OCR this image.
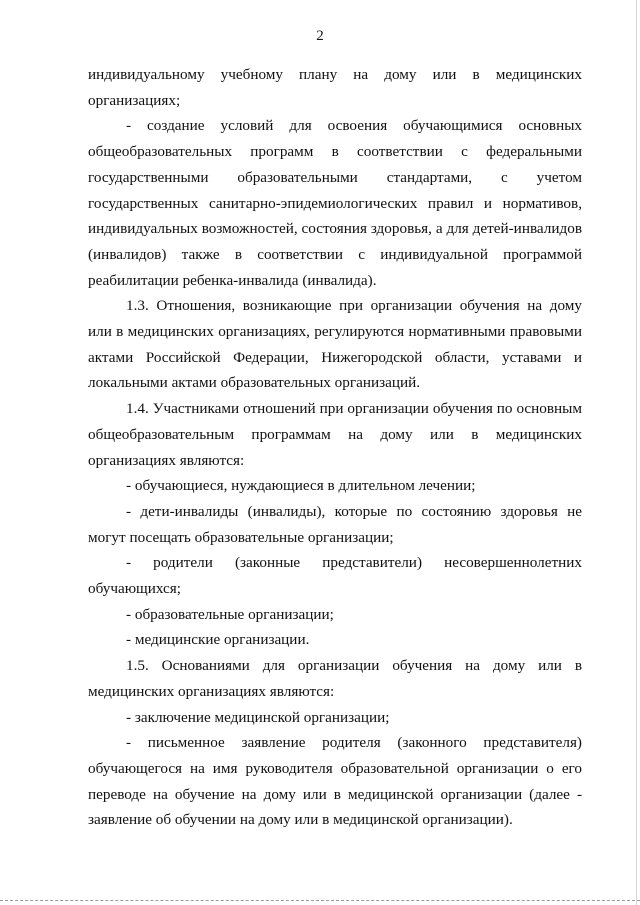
2

индивидуальному учебному плану на дому или в медицинских организациях;

- создание условий для освоения обучающимися основных общеобразовательных программ в соответствии с федеральными государственными образовательными стандартами, с учетом государственных санитарно-эпидемиологических правил и нормативов, индивидуальных возможностей, состояния здоровья, а для детей-инвалидов (инвалидов) также в соответствии с индивидуальной программой реабилитации ребенка-инвалида (инвалида).

1.3. Отношения, возникающие при организации обучения на дому или в медицинских организациях, регулируются нормативными правовыми актами Российской Федерации, Нижегородской области, уставами и локальными актами образовательных организаций.

1.4. Участниками отношений при организации обучения по основным общеобразовательным программам на дому или в медицинских организациях являются:

- обучающиеся, нуждающиеся в длительном лечении;

- дети-инвалиды (инвалиды), которые по состоянию здоровья не могут посещать образовательные организации;

- родители (законные представители) несовершеннолетних обучающихся;

- образовательные организации;

- медицинские организации.

1.5. Основаниями для организации обучения на дому или в медицинских организациях являются:

- заключение медицинской организации;

- письменное заявление родителя (законного представителя) обучающегося на имя руководителя образовательной организации о его переводе на обучение на дому или в медицинской организации (далее - заявление об обучении на дому или в медицинской организации).
